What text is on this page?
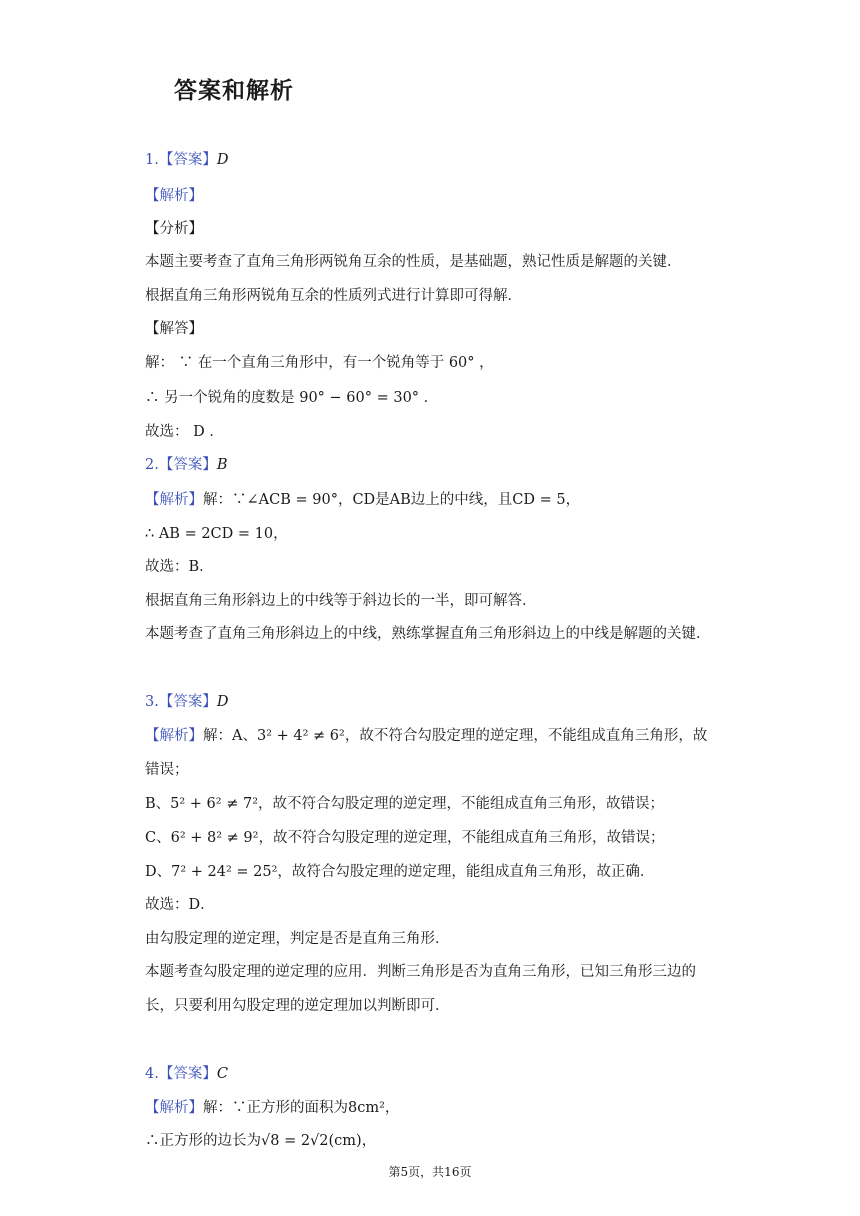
答案和解析
1.【答案】D
【解析】
【分析】
本题主要考查了直角三角形两锐角互余的性质，是基础题，熟记性质是解题的关键．
根据直角三角形两锐角互余的性质列式进行计算即可得解．
【解答】
解： ∵ 在一个直角三角形中，有一个锐角等于 60° ，
∴ 另一个锐角的度数是 90° − 60° = 30° ．
故选： D ．
2.【答案】B
【解析】解：∵∠ACB = 90°，CD是AB边上的中线，且CD = 5，
∴ AB = 2CD = 10，
故选：B．
根据直角三角形斜边上的中线等于斜边长的一半，即可解答．
本题考查了直角三角形斜边上的中线，熟练掌握直角三角形斜边上的中线是解题的关键．
3.【答案】D
【解析】解：A、3² + 4² ≠ 6²，故不符合勾股定理的逆定理，不能组成直角三角形，故
错误；
B、5² + 6² ≠ 7²，故不符合勾股定理的逆定理，不能组成直角三角形，故错误；
C、6² + 8² ≠ 9²，故不符合勾股定理的逆定理，不能组成直角三角形，故错误；
D、7² + 24² = 25²，故符合勾股定理的逆定理，能组成直角三角形，故正确．
故选：D．
由勾股定理的逆定理，判定是否是直角三角形．
本题考查勾股定理的逆定理的应用．判断三角形是否为直角三角形，已知三角形三边的
长，只要利用勾股定理的逆定理加以判断即可．
4.【答案】C
【解析】解：∵正方形的面积为8cm²，
∴正方形的边长为√8 = 2√2(cm)，
第5页，共16页
